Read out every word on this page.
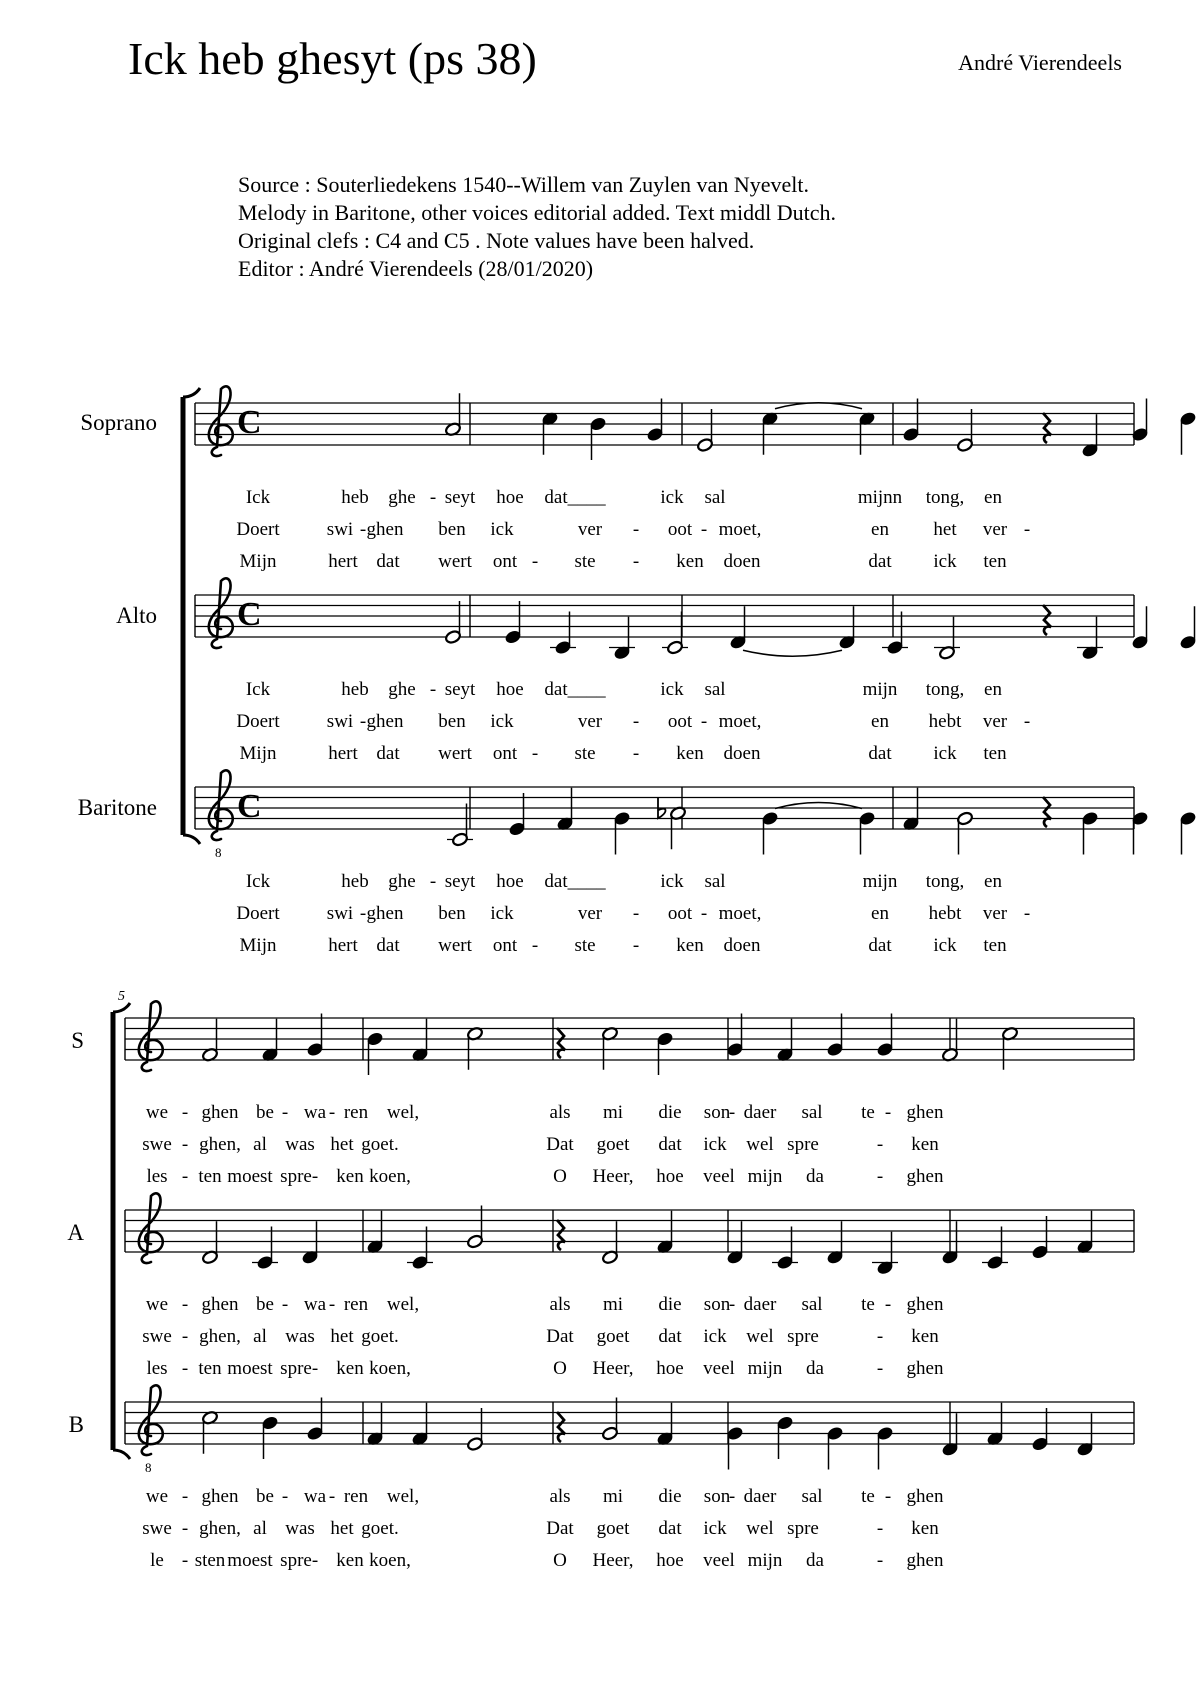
Ick heb ghesyt (ps 38)	André Vierendeels
Source : Souterliedekens 1540--Willem van Zuylen van Nyevelt.
Melody in Baritone, other voices editorial added. Text middl Dutch.
Original clefs : C4 and C5 . Note values have been halved.
Editor : André Vierendeels (28/01/2020)
Soprano
Alto
Baritone
C
Ick	heb ghe - seyt hoe dat____	ick sal	mijnn tong, en
Doert swi - ghen ben ick	ver - oot - moet,	en het ver -
Mijn	hert dat wert ont - ste - ken doen	dat ick ten
C
Ick	heb ghe - seyt hoe dat____	ick sal	mijn tong, en
Doert swi - ghen ben ick	ver - oot - moet,	en hebt ver -
Mijn	hert dat wert ont - ste - ken doen	dat ick ten
8
C
Ick	heb ghe - seyt hoe dat____	ick sal	mijn tong, en
Doert swi - ghen ben ick	ver - oot - moet,	en hebt ver -
Mijn	hert dat wert ont - ste - ken doen	dat ick ten
5
S
A
B
we - ghen be - wa - ren wel,	als mi die son
- daer sal te - ghen
swe - ghen, al was het goet.	Dat goet dat ick wel spre	- ken
les - ten moest spre - ken koen,	O Heer, hoe veel mijn da	- ghen
we - ghen be - wa - ren wel,	als mi die son
- daer sal te - ghen
swe - ghen, al was het goet.	Dat goet dat ick wel spre	- ken
les - ten moest spre - ken koen,	O Heer, hoe veel mijn da	- ghen
8
we - ghen be - wa - ren wel,	als mi die son
- daer sal te - ghen
swe - ghen, al was het goet.	Dat goet dat ick wel spre	- ken
le - sten moest spre - ken koen,	O Heer, hoe veel mijn da	- ghen
